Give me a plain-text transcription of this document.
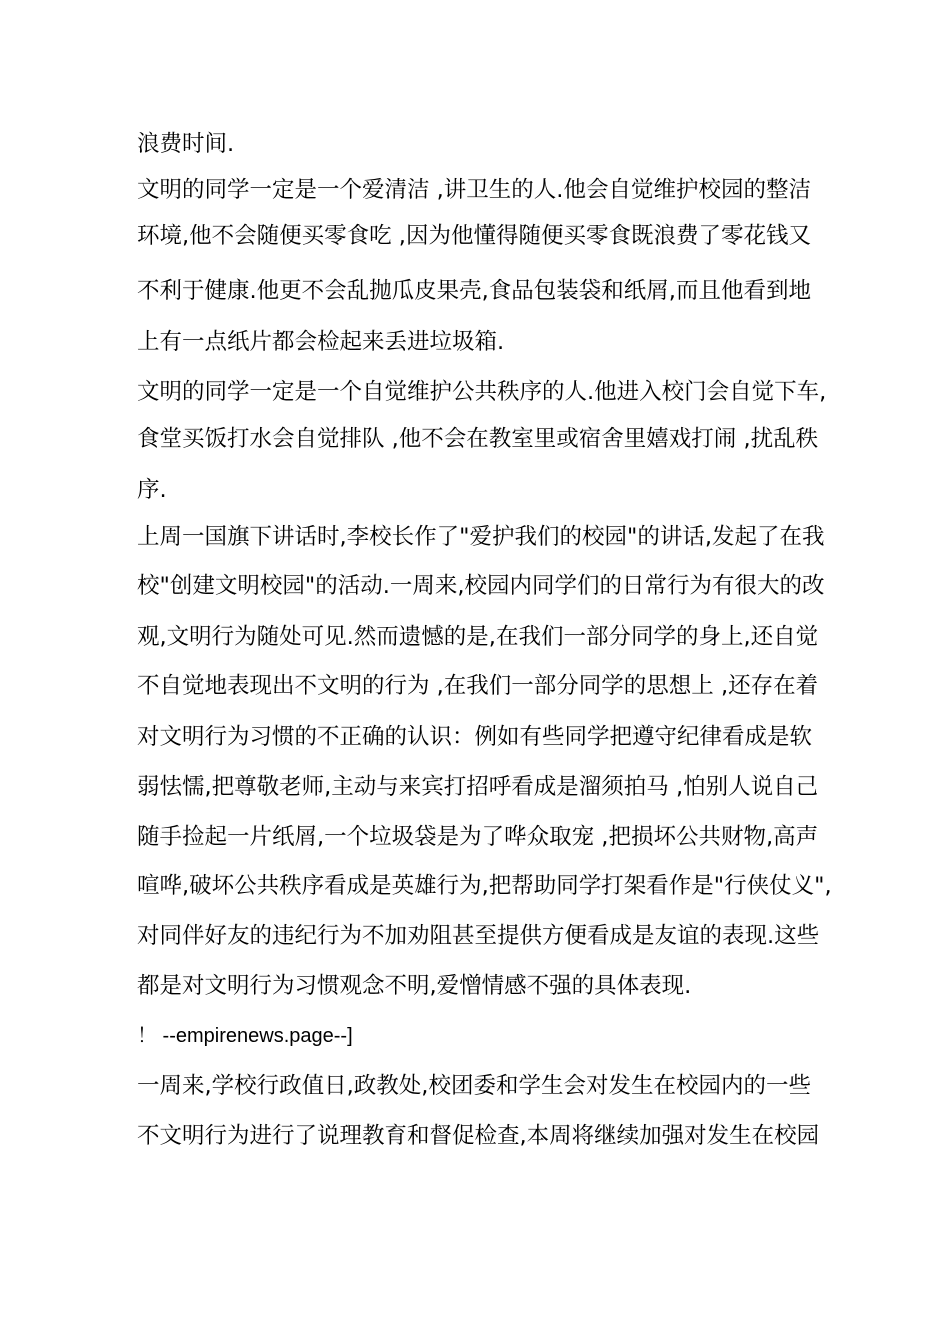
浪费时间.
文明的同学一定是一个爱清洁 ,讲卫生的人.他会自觉维护校园的整洁
环境,他不会随便买零食吃 ,因为他懂得随便买零食既浪费了零花钱又
不利于健康.他更不会乱抛瓜皮果壳,食品包装袋和纸屑,而且他看到地
上有一点纸片都会检起来丢进垃圾箱.
文明的同学一定是一个自觉维护公共秩序的人.他进入校门会自觉下车,
食堂买饭打水会自觉排队 ,他不会在教室里或宿舍里嬉戏打闹 ,扰乱秩
序.
上周一国旗下讲话时,李校长作了"爱护我们的校园"的讲话,发起了在我
校"创建文明校园"的活动.一周来,校园内同学们的日常行为有很大的改
观,文明行为随处可见.然而遗憾的是,在我们一部分同学的身上,还自觉
不自觉地表现出不文明的行为 ,在我们一部分同学的思想上 ,还存在着
对文明行为习惯的不正确的认识：例如有些同学把遵守纪律看成是软
弱怯懦,把尊敬老师,主动与来宾打招呼看成是溜须拍马 ,怕别人说自己
随手捡起一片纸屑,一个垃圾袋是为了哗众取宠 ,把损坏公共财物,高声
喧哗,破坏公共秩序看成是英雄行为,把帮助同学打架看作是"行侠仗义",
对同伴好友的违纪行为不加劝阻甚至提供方便看成是友谊的表现.这些
都是对文明行为习惯观念不明,爱憎情感不强的具体表现.
！ --empirenews.page--]
一周来,学校行政值日,政教处,校团委和学生会对发生在校园内的一些
不文明行为进行了说理教育和督促检查,本周将继续加强对发生在校园
